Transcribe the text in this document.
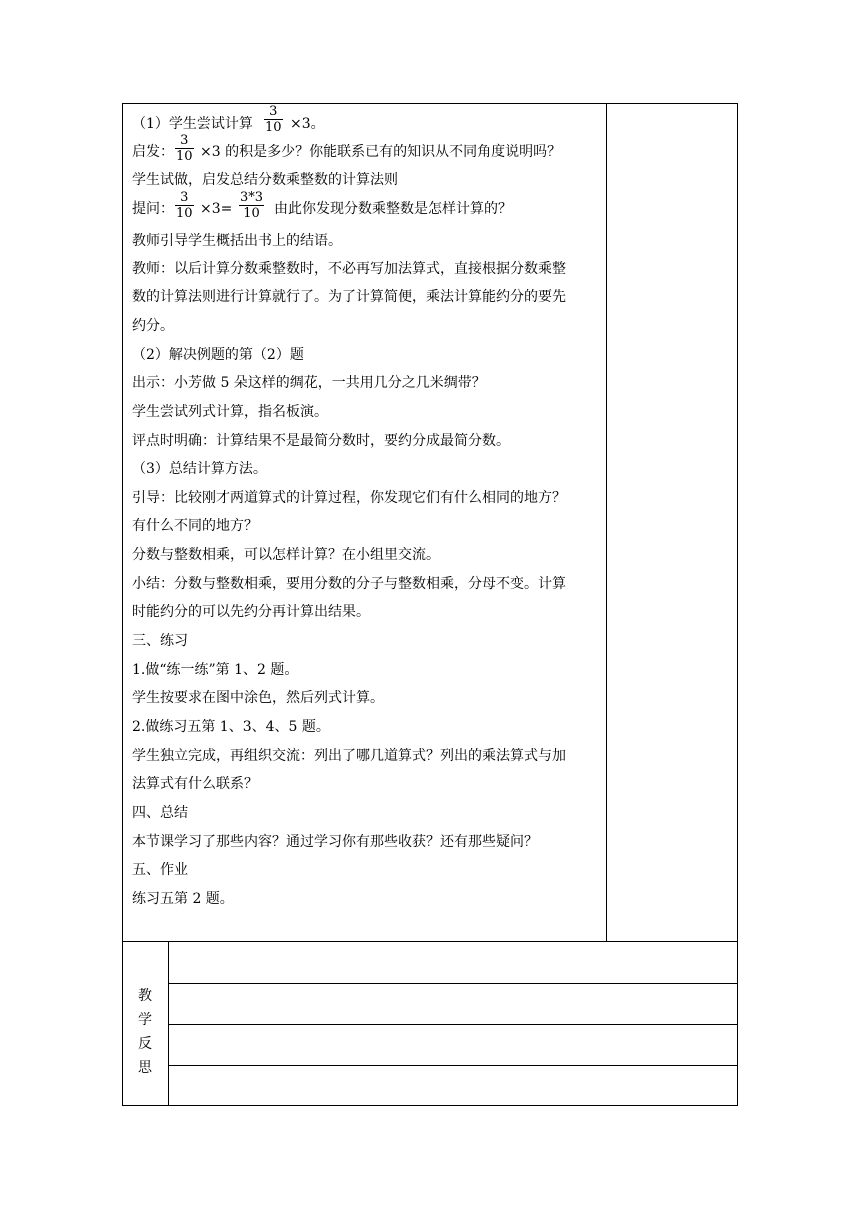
（1）学生尝试计算 $\frac{3}{10} \times 3$。
启发： $\frac{3}{10} \times 3$ 的积是多少？你能联系已有的知识从不同角度说明吗？
学生试做，启发总结分数乘整数的计算法则
提问： $\frac{3}{10} \times 3= \frac{3*3}{10}$ 由此你发现分数乘整数是怎样计算的？
教师引导学生概括出书上的结语。
教师：以后计算分数乘整数时，不必再写加法算式，直接根据分数乘整
数的计算法则进行计算就行了。为了计算简便，乘法计算能约分的要先
约分。
（2）解决例题的第（2）题
出示：小芳做 5 朵这样的绸花，一共用几分之几米绸带？
学生尝试列式计算，指名板演。
评点时明确：计算结果不是最简分数时，要约分成最简分数。
（3）总结计算方法。
引导：比较刚才两道算式的计算过程，你发现它们有什么相同的地方？
有什么不同的地方？
分数与整数相乘，可以怎样计算？在小组里交流。
小结：分数与整数相乘，要用分数的分子与整数相乘，分母不变。计算
时能约分的可以先约分再计算出结果。
三、练习
1.做“练一练”第 1、2 题。
学生按要求在图中涂色，然后列式计算。
2.做练习五第 1、3、4、5 题。
学生独立完成，再组织交流：列出了哪几道算式？列出的乘法算式与加
法算式有什么联系？
四、总结
本节课学习了那些内容？通过学习你有那些收获？还有那些疑问？
五、作业
练习五第 2 题。
教
学
反
思
